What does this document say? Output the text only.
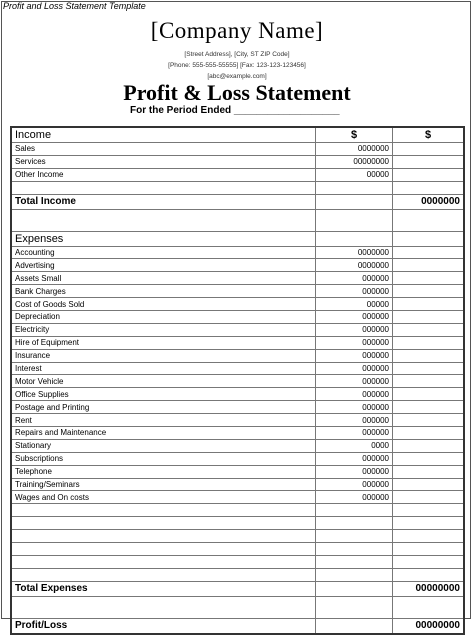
Profit and Loss Statement Template
[Company Name]
[Street Address], [City, ST ZIP Code]
[Phone: 555-555-55555] [Fax: 123-123-123456]
[abc@example.com]
Profit & Loss Statement
For the Period Ended ___________________
Income	$	$
Sales	0000000	
Services	00000000	
Other Income	00000	

Total Income		0000000

Expenses		
Accounting	0000000	
Advertising	0000000	
Assets Small	000000	
Bank Charges	000000	
Cost of Goods Sold	00000	
Depreciation	000000	
Electricity	000000	
Hire of Equipment	000000	
Insurance	000000	
Interest	000000	
Motor Vehicle	000000	
Office Supplies	000000	
Postage and Printing	000000	
Rent	000000	
Repairs and Maintenance	000000	
Stationary	0000	
Subscriptions	000000	
Telephone	000000	
Training/Seminars	000000	
Wages and On costs	000000	

Total Expenses		00000000

Profit/Loss		00000000
